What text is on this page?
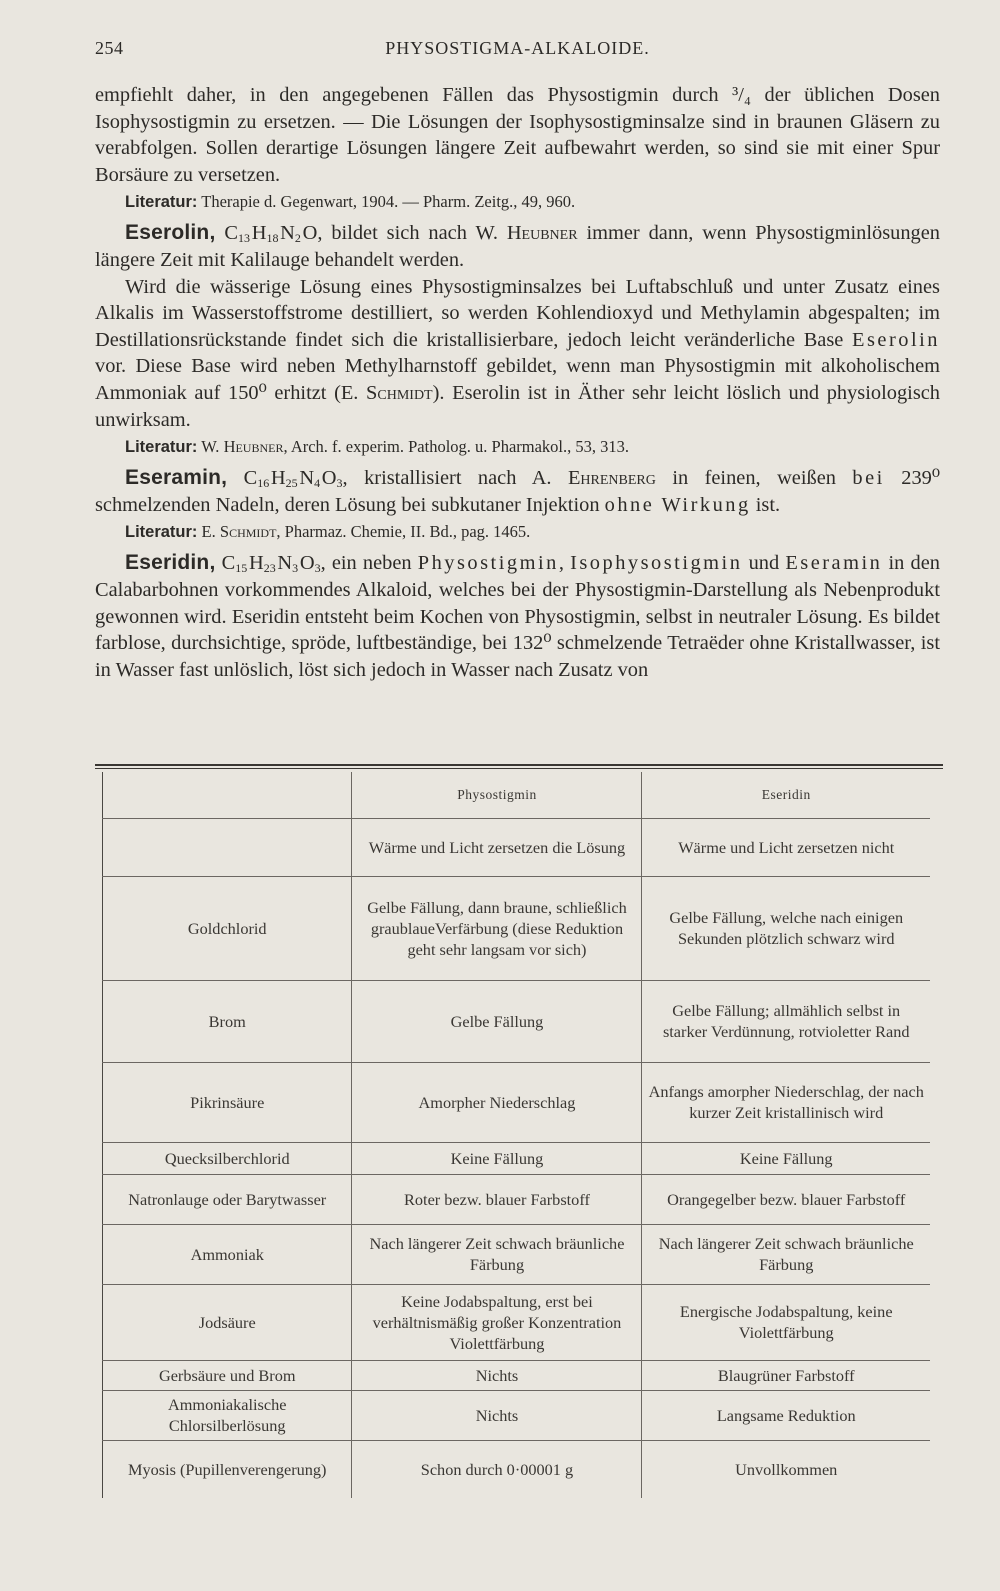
254	PHYSOSTIGMA-ALKALOIDE.

empfiehlt daher, in den angegebenen Fällen das Physostigmin durch ³/₄ der üblichen Dosen Isophysostigmin zu ersetzen. — Die Lösungen der Isophysostigminsalze sind in braunen Gläsern zu verabfolgen. Sollen derartige Lösungen längere Zeit aufbewahrt werden, so sind sie mit einer Spur Borsäure zu versetzen.

Literatur: Therapie d. Gegenwart, 1904. — Pharm. Zeitg., 49, 960.

Eserolin, $C_{13}$ $H_{18}$ $N_2$ O, bildet sich nach W. Heubner immer dann, wenn Physostigminlösungen längere Zeit mit Kalilauge behandelt werden.

Wird die wässerige Lösung eines Physostigminsalzes bei Luftabschluß und unter Zusatz eines Alkalis im Wasserstoffstrome destilliert, so werden Kohlendioxyd und Methylamin abgespalten; im Destillationsrückstande findet sich die kristallisierbare, jedoch leicht veränderliche Base Eserolin vor. Diese Base wird neben Methylharnstoff gebildet, wenn man Physostigmin mit alkoholischem Ammoniak auf 150⁰ erhitzt (E. Schmidt). Eserolin ist in Äther sehr leicht löslich und physiologisch unwirksam.

Literatur: W. Heubner, Arch. f. experim. Patholog. u. Pharmakol., 53, 313.

Eseramin, $C_{16}$ $H_{25}$ $N_4$ $O_3$, kristallisiert nach A. Ehrenberg in feinen, weißen bei 239⁰ schmelzenden Nadeln, deren Lösung bei subkutaner Injektion ohne Wirkung ist.

Literatur: E. Schmidt, Pharmaz. Chemie, II. Bd., pag. 1465.

Eseridin, $C_{15}$ $H_{23}$ $N_3$ $O_3$, ein neben Physostigmin, Isophysostigmin und Eseramin in den Calabarbohnen vorkommendes Alkaloid, welches bei der Physostigmin-Darstellung als Nebenprodukt gewonnen wird. Eseridin entsteht beim Kochen von Physostigmin, selbst in neutraler Lösung. Es bildet farblose, durchsichtige, spröde, luftbeständige, bei 132⁰ schmelzende Tetraëder ohne Kristallwasser, ist in Wasser fast unlöslich, löst sich jedoch in Wasser nach Zusatz von

	Physostigmin	Eseridin
	Wärme und Licht zersetzen die Lösung	Wärme und Licht zersetzen nicht
Goldchlorid	Gelbe Fällung, dann braune, schließlich graublaueVerfärbung (diese Reduktion geht sehr langsam vor sich)	Gelbe Fällung, welche nach einigen Sekunden plötzlich schwarz wird
Brom	Gelbe Fällung	Gelbe Fällung; allmählich selbst in starker Verdünnung, rotvioletter Rand
Pikrinsäure	Amorpher Niederschlag	Anfangs amorpher Niederschlag, der nach kurzer Zeit kristallinisch wird
Quecksilberchlorid	Keine Fällung	Keine Fällung
Natronlauge oder Barytwasser	Roter bezw. blauer Farbstoff	Orangegelber bezw. blauer Farbstoff
Ammoniak	Nach längerer Zeit schwach bräunliche Färbung	Nach längerer Zeit schwach bräunliche Färbung
Jodsäure	Keine Jodabspaltung, erst bei verhältnismäßig großer Konzentration Violettfärbung	Energische Jodabspaltung, keine Violettfärbung
Gerbsäure und Brom	Nichts	Blaugrüner Farbstoff
Ammoniakalische Chlorsilberlösung	Nichts	Langsame Reduktion
Myosis (Pupillenverengerung)	Schon durch 0·00001 g	Unvollkommen
